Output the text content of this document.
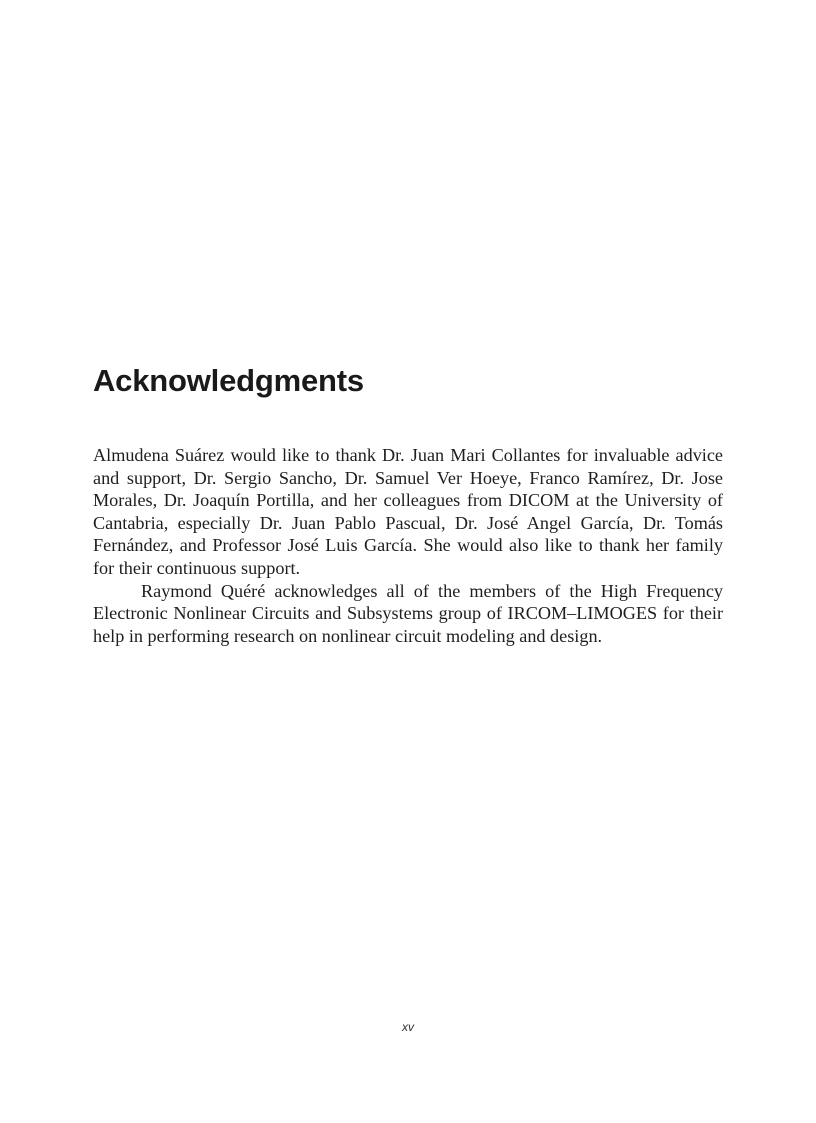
Acknowledgments

Almudena Suárez would like to thank Dr. Juan Mari Collantes for invaluable advice and support, Dr. Sergio Sancho, Dr. Samuel Ver Hoeye, Franco Ramírez, Dr. Jose Morales, Dr. Joaquín Portilla, and her colleagues from DICOM at the University of Cantabria, especially Dr. Juan Pablo Pascual, Dr. José Angel García, Dr. Tomás Fernández, and Professor José Luis García. She would also like to thank her family for their continuous support.

Raymond Quéré acknowledges all of the members of the High Frequency Electronic Nonlinear Circuits and Subsystems group of IRCOM–LIMOGES for their help in performing research on nonlinear circuit modeling and design.

xv
